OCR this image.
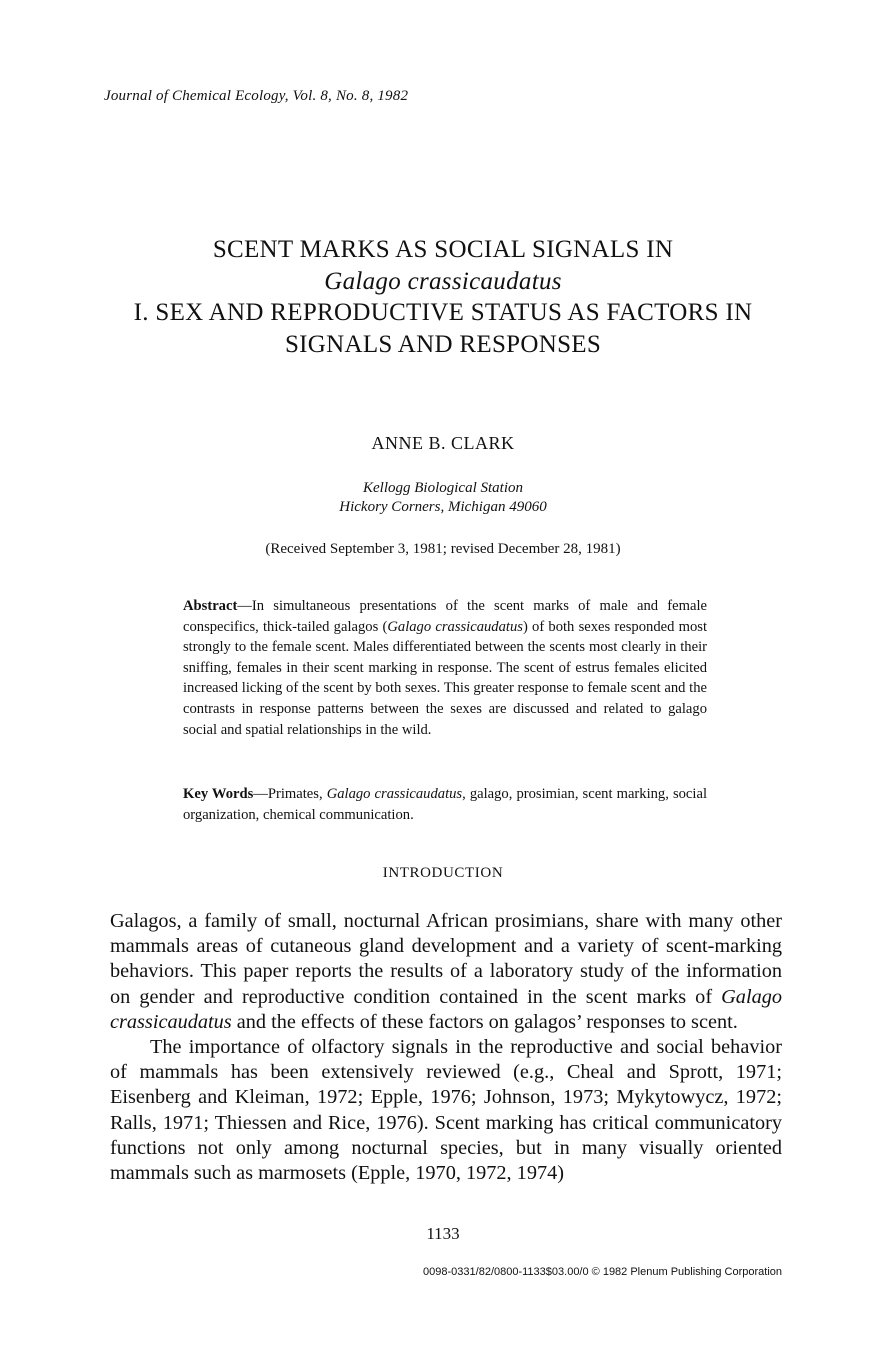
Journal of Chemical Ecology, Vol. 8, No. 8, 1982
SCENT MARKS AS SOCIAL SIGNALS IN
Galago crassicaudatus
I. SEX AND REPRODUCTIVE STATUS AS FACTORS IN
SIGNALS AND RESPONSES
ANNE B. CLARK
Kellogg Biological Station
Hickory Corners, Michigan 49060
(Received September 3, 1981; revised December 28, 1981)
Abstract—In simultaneous presentations of the scent marks of male and female conspecifics, thick-tailed galagos (Galago crassicaudatus) of both sexes responded most strongly to the female scent. Males differentiated between the scents most clearly in their sniffing, females in their scent marking in response. The scent of estrus females elicited increased licking of the scent by both sexes. This greater response to female scent and the contrasts in response patterns between the sexes are discussed and related to galago social and spatial relationships in the wild.
Key Words—Primates, Galago crassicaudatus, galago, prosimian, scent marking, social organization, chemical communication.
INTRODUCTION

Galagos, a family of small, nocturnal African prosimians, share with many other mammals areas of cutaneous gland development and a variety of scent-marking behaviors. This paper reports the results of a laboratory study of the information on gender and reproductive condition contained in the scent marks of Galago crassicaudatus and the effects of these factors on galagos’ responses to scent.

The importance of olfactory signals in the reproductive and social behavior of mammals has been extensively reviewed (e.g., Cheal and Sprott, 1971; Eisenberg and Kleiman, 1972; Epple, 1976; Johnson, 1973; Mykytowycz, 1972; Ralls, 1971; Thiessen and Rice, 1976). Scent marking has critical communicatory functions not only among nocturnal species, but in many visually oriented mammals such as marmosets (Epple, 1970, 1972, 1974)

1133
0098-0331/82/0800-1133$03.00/0 © 1982 Plenum Publishing Corporation
